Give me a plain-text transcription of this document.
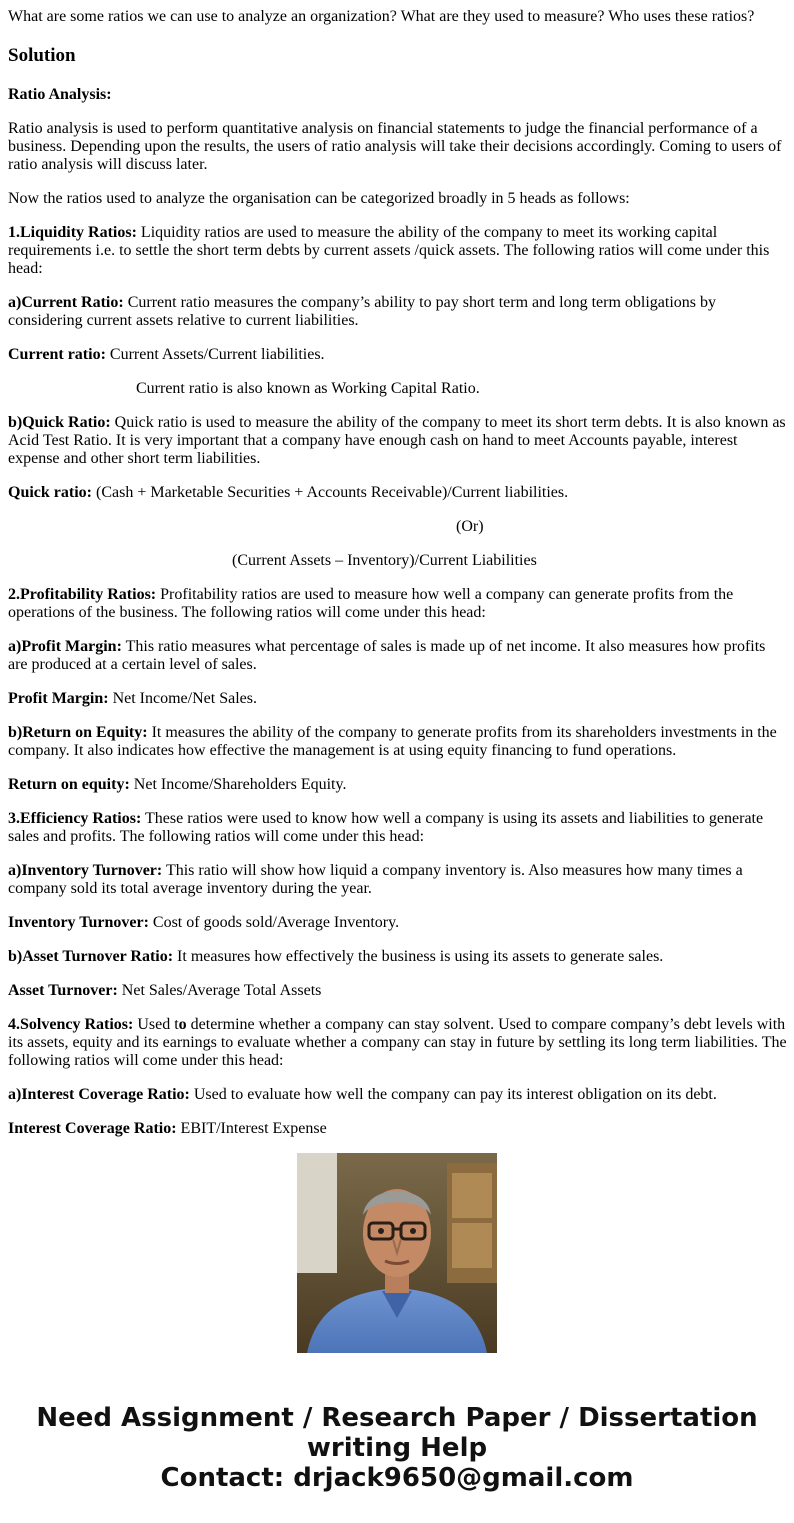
What are some ratios we can use to analyze an organization? What are they used to measure? Who uses these ratios?

Solution

Ratio Analysis:

Ratio analysis is used to perform quantitative analysis on financial statements to judge the financial performance of a business. Depending upon the results, the users of ratio analysis will take their decisions accordingly. Coming to users of ratio analysis will discuss later.

Now the ratios used to analyze the organisation can be categorized broadly in 5 heads as follows:

1.Liquidity Ratios: Liquidity ratios are used to measure the ability of the company to meet its working capital requirements i.e. to settle the short term debts by current assets /quick assets. The following ratios will come under this head:

a)Current Ratio: Current ratio measures the company’s ability to pay short term and long term obligations by considering current assets relative to current liabilities.

Current ratio: Current Assets/Current liabilities.

Current ratio is also known as Working Capital Ratio.

b)Quick Ratio: Quick ratio is used to measure the ability of the company to meet its short term debts. It is also known as Acid Test Ratio. It is very important that a company have enough cash on hand to meet Accounts payable, interest expense and other short term liabilities.

Quick ratio: (Cash + Marketable Securities + Accounts Receivable)/Current liabilities.

(Or)

(Current Assets – Inventory)/Current Liabilities

2.Profitability Ratios: Profitability ratios are used to measure how well a company can generate profits from the operations of the business. The following ratios will come under this head:

a)Profit Margin: This ratio measures what percentage of sales is made up of net income. It also measures how profits are produced at a certain level of sales.

Profit Margin: Net Income/Net Sales.

b)Return on Equity: It measures the ability of the company to generate profits from its shareholders investments in the company. It also indicates how effective the management is at using equity financing to fund operations.

Return on equity: Net Income/Shareholders Equity.

3.Efficiency Ratios: These ratios were used to know how well a company is using its assets and liabilities to generate sales and profits. The following ratios will come under this head:

a)Inventory Turnover: This ratio will show how liquid a company inventory is. Also measures how many times a company sold its total average inventory during the year.

Inventory Turnover: Cost of goods sold/Average Inventory.

b)Asset Turnover Ratio: It measures how effectively the business is using its assets to generate sales.

Asset Turnover: Net Sales/Average Total Assets

4.Solvency Ratios: Used to determine whether a company can stay solvent. Used to compare company’s debt levels with its assets, equity and its earnings to evaluate whether a company can stay in future by settling its long term liabilities. The following ratios will come under this head:

a)Interest Coverage Ratio: Used to evaluate how well the company can pay its interest obligation on its debt.

Interest Coverage Ratio: EBIT/Interest Expense

Need Assignment / Research Paper / Dissertation
writing Help
Contact: drjack9650@gmail.com
